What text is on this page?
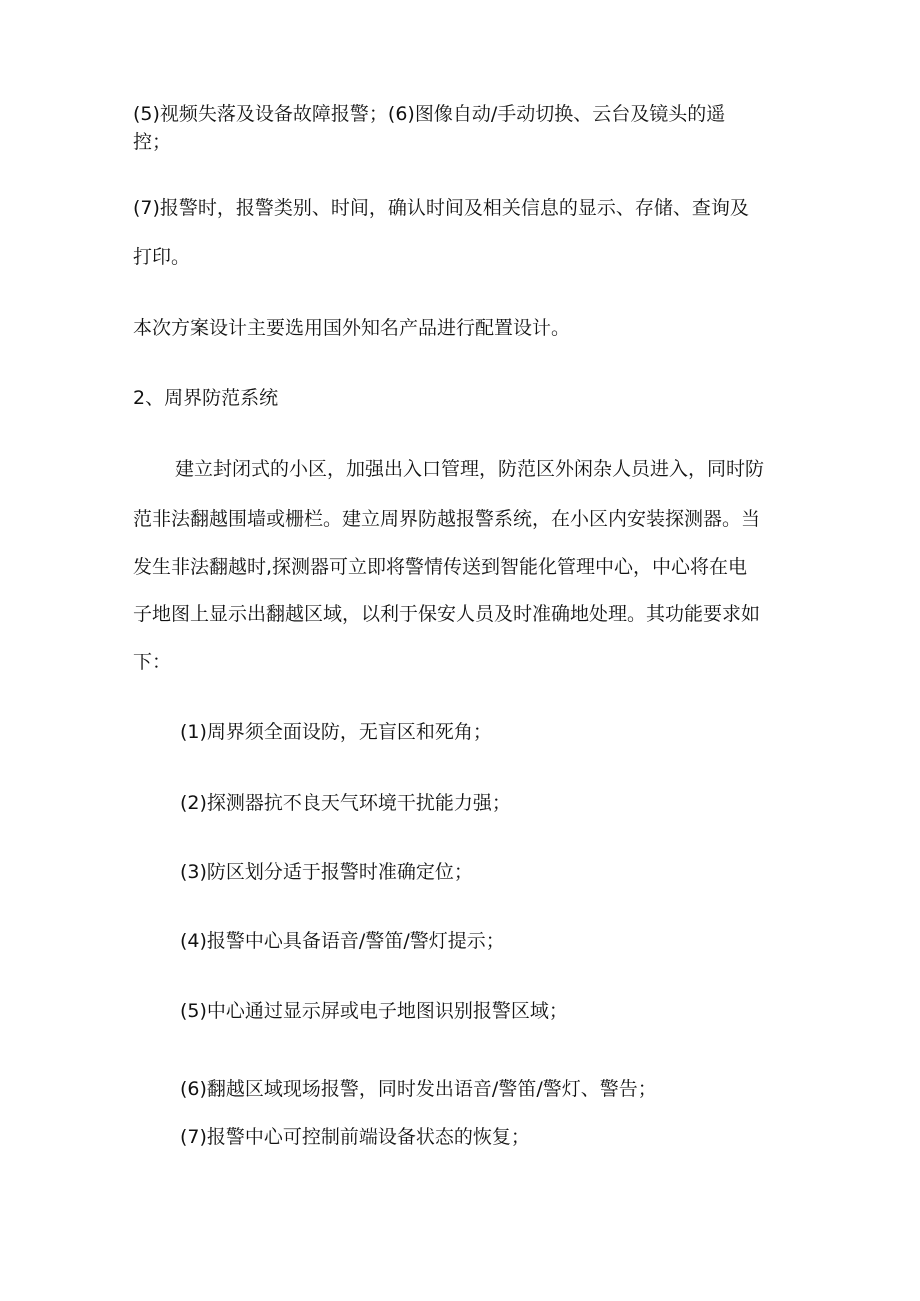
(5)视频失落及设备故障报警；(6)图像自动/手动切换、云台及镜头的遥
控；
(7)报警时，报警类别、时间，确认时间及相关信息的显示、存储、查询及
打印。
本次方案设计主要选用国外知名产品进行配置设计。
2、周界防范系统
建立封闭式的小区，加强出入口管理，防范区外闲杂人员进入，同时防
范非法翻越围墙或栅栏。建立周界防越报警系统，在小区内安装探测器。当
发生非法翻越时,探测器可立即将警情传送到智能化管理中心，中心将在电
子地图上显示出翻越区域，以利于保安人员及时准确地处理。其功能要求如
下：
(1)周界须全面设防，无盲区和死角；
(2)探测器抗不良天气环境干扰能力强；
(3)防区划分适于报警时准确定位；
(4)报警中心具备语音/警笛/警灯提示；
(5)中心通过显示屏或电子地图识别报警区域；
(6)翻越区域现场报警，同时发出语音/警笛/警灯、警告；
(7)报警中心可控制前端设备状态的恢复；
